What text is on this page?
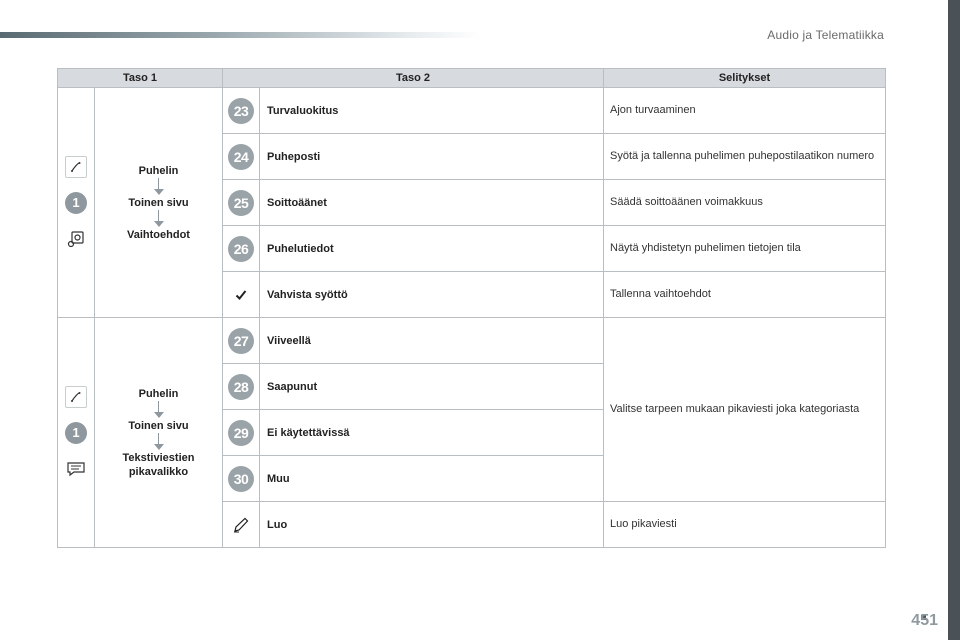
Audio ja Telematiikka
Taso 1		Taso 2		Selitykset

1	Puhelin
Toinen sivu
Vaihtoehdot	23	Turvaluokitus	Ajon turvaaminen

24	Puheposti	Syötä ja tallenna puhelimen puhepostilaatikon numero

25	Soittoäänet	Säädä soittoäänen voimakkuus

26	Puhelutiedot	Näytä yhdistetyn puhelimen tietojen tila

	Vahvista syöttö	Tallenna vaihtoehdot

1	Puhelin
Toinen sivu
Tekstiviestien pikavalikko	27	Viiveellä	Valitse tarpeen mukaan pikaviesti joka kategoriasta

28	Saapunut	

29	Ei käytettävissä	

30	Muu	

	Luo	Luo pikaviesti
451
